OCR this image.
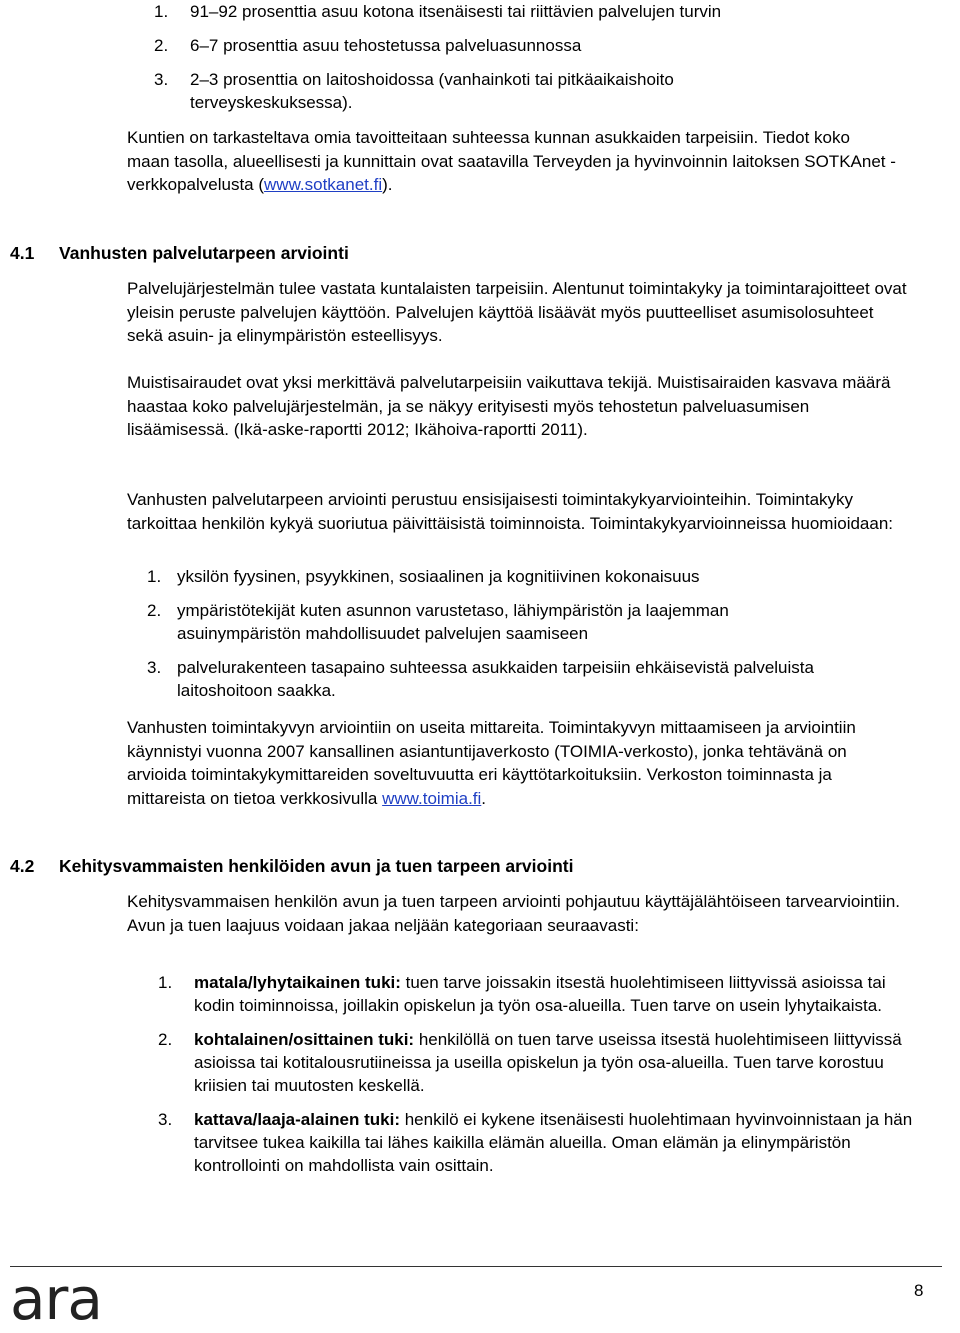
1. 91–92 prosenttia asuu kotona itsenäisesti tai riittävien palvelujen turvin
2. 6–7 prosenttia asuu tehostetussa palveluasunnossa
3. 2–3 prosenttia on laitoshoidossa (vanhainkoti tai pitkäaikaishoito terveyskeskuksessa).

Kuntien on tarkasteltava omia tavoitteitaan suhteessa kunnan asukkaiden tarpeisiin. Tiedot koko maan tasolla, alueellisesti ja kunnittain ovat saatavilla Terveyden ja hyvinvoinnin laitoksen SOTKAnet -verkkopalvelusta (www.sotkanet.fi).

4.1 Vanhusten palvelutarpeen arviointi

Palvelujärjestelmän tulee vastata kuntalaisten tarpeisiin. Alentunut toimintakyky ja toimintarajoitteet ovat yleisin peruste palvelujen käyttöön. Palvelujen käyttöä lisäävät myös puutteelliset asumisolosuhteet sekä asuin- ja elinympäristön esteellisyys.

Muistisairaudet ovat yksi merkittävä palvelutarpeisiin vaikuttava tekijä. Muistisairaiden kasvava määrä haastaa koko palvelujärjestelmän, ja se näkyy erityisesti myös tehostetun palveluasumisen lisäämisessä. (Ikä-aske-raportti 2012; Ikähoiva-raportti 2011).

Vanhusten palvelutarpeen arviointi perustuu ensisijaisesti toimintakykyarviointeihin. Toimintakyky tarkoittaa henkilön kykyä suoriutua päivittäisistä toiminnoista. Toimintakykyarvioinneissa huomioidaan:

1. yksilön fyysinen, psyykkinen, sosiaalinen ja kognitiivinen kokonaisuus
2. ympäristötekijät kuten asunnon varustetaso, lähiympäristön ja laajemman asuinympäristön mahdollisuudet palvelujen saamiseen
3. palvelurakenteen tasapaino suhteessa asukkaiden tarpeisiin ehkäisevistä palveluista laitoshoitoon saakka.

Vanhusten toimintakyvyn arviointiin on useita mittareita. Toimintakyvyn mittaamiseen ja arviointiin käynnistyi vuonna 2007 kansallinen asiantuntijaverkosto (TOIMIA-verkosto), jonka tehtävänä on arvioida toimintakykymittareiden soveltuvuutta eri käyttötarkoituksiin. Verkoston toiminnasta ja mittareista on tietoa verkkosivulla www.toimia.fi.

4.2 Kehitysvammaisten henkilöiden avun ja tuen tarpeen arviointi

Kehitysvammaisen henkilön avun ja tuen tarpeen arviointi pohjautuu käyttäjälähtöiseen tarvearviointiin. Avun ja tuen laajuus voidaan jakaa neljään kategoriaan seuraavasti:

1. matala/lyhytaikainen tuki: tuen tarve joissakin itsestä huolehtimiseen liittyvissä asioissa tai kodin toiminnoissa, joillakin opiskelun ja työn osa-alueilla. Tuen tarve on usein lyhytaikaista.
2. kohtalainen/osittainen tuki: henkilöllä on tuen tarve useissa itsestä huolehtimiseen liittyvissä asioissa tai kotitalousrutiineissa ja useilla opiskelun ja työn osa-alueilla. Tuen tarve korostuu kriisien tai muutosten keskellä.
3. kattava/laaja-alainen tuki: henkilö ei kykene itsenäisesti huolehtimaan hyvinvoinnistaan ja hän tarvitsee tukea kaikilla tai lähes kaikilla elämän alueilla. Oman elämän ja elinympäristön kontrollointi on mahdollista vain osittain.
ara	8
